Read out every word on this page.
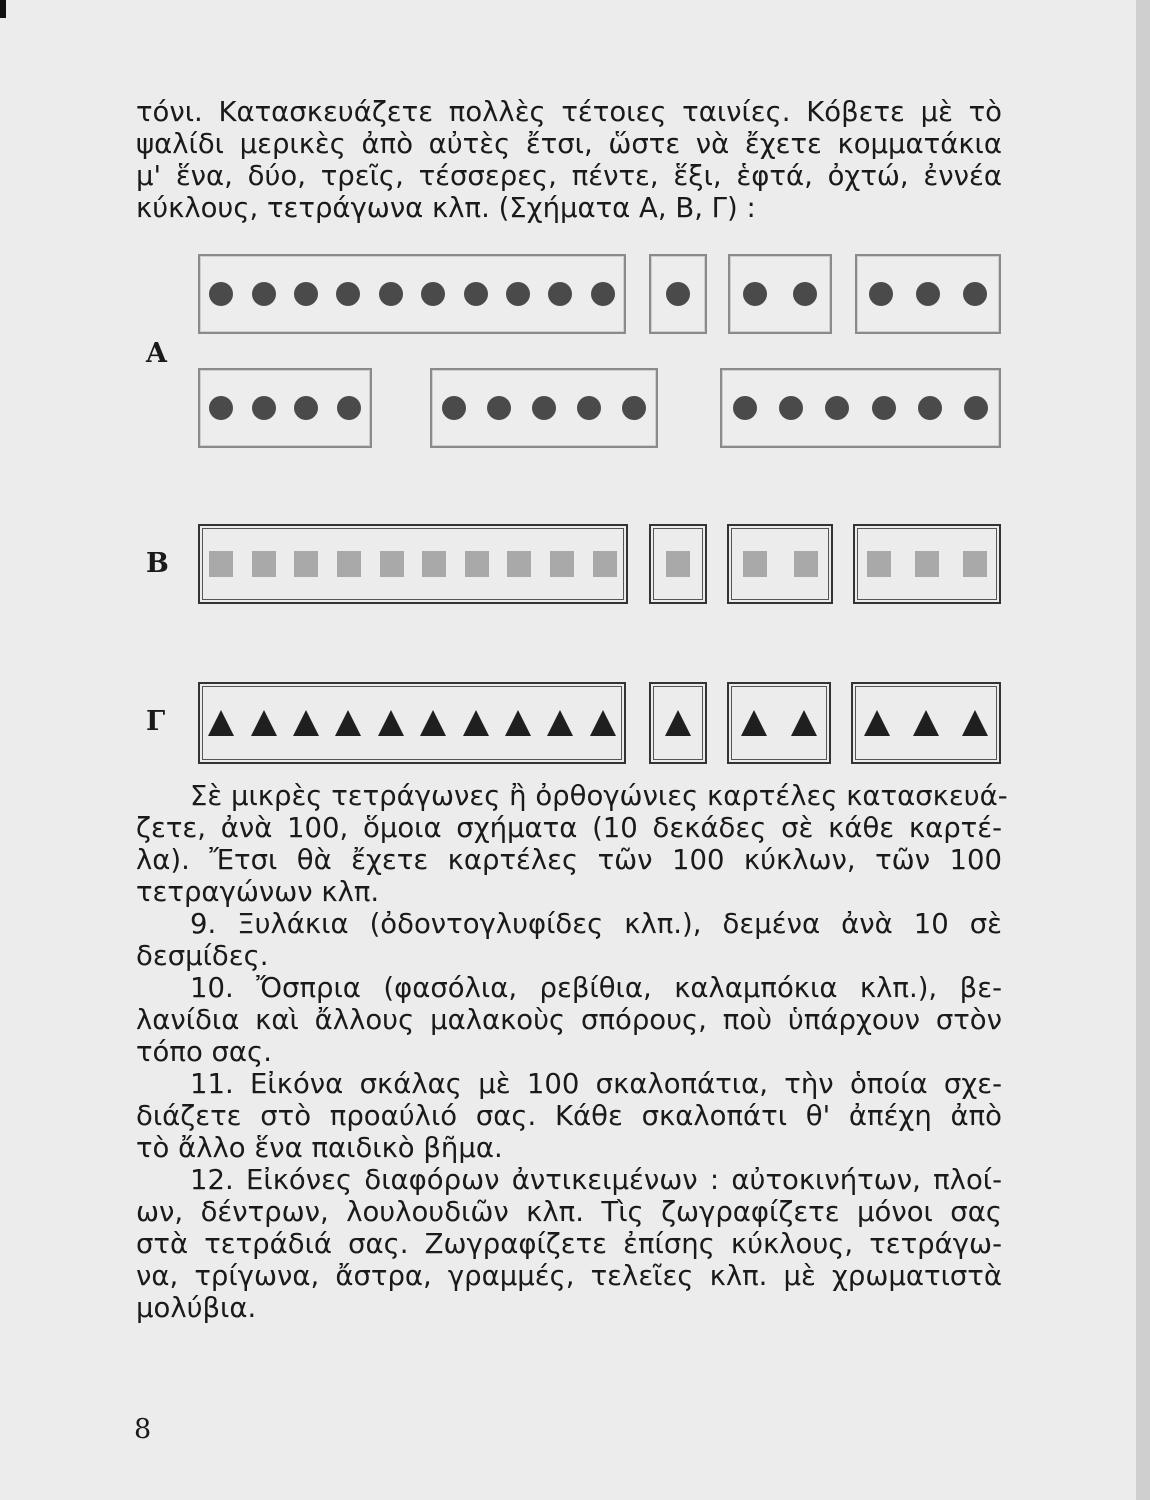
τόνι. Κατασκευάζετε πολλὲς τέτοιες ταινίες. Κόβετε μὲ τὸ
ψαλίδι μερικὲς ἀπὸ αὐτὲς ἔτσι, ὥστε νὰ ἔχετε κομματάκια
μ' ἕνα, δύο, τρεῖς, τέσσερες, πέντε, ἕξι, ἑφτά, ὀχτώ, ἐννέα
κύκλους, τετράγωνα κλπ. (Σχήματα Α, Β, Γ) :
Α
Β
Γ
Σὲ μικρὲς τετράγωνες ἢ ὀρθογώνιες καρτέλες κατασκευά-
ζετε, ἀνὰ 100, ὅμοια σχήματα (10 δεκάδες σὲ κάθε καρτέ-
λα). Ἔτσι θὰ ἔχετε καρτέλες τῶν 100 κύκλων, τῶν 100
τετραγώνων κλπ.
9. Ξυλάκια (ὀδοντογλυφίδες κλπ.), δεμένα ἀνὰ 10 σὲ
δεσμίδες.
10. Ὄσπρια (φασόλια, ρεβίθια, καλαμπόκια κλπ.), βε-
λανίδια καὶ ἄλλους μαλακοὺς σπόρους, ποὺ ὑπάρχουν στὸν
τόπο σας.
11. Εἰκόνα σκάλας μὲ 100 σκαλοπάτια, τὴν ὁποία σχε-
διάζετε στὸ προαύλιό σας. Κάθε σκαλοπάτι θ' ἀπέχη ἀπὸ
τὸ ἄλλο ἕνα παιδικὸ βῆμα.
12. Εἰκόνες διαφόρων ἀντικειμένων : αὐτοκινήτων, πλοί-
ων, δέντρων, λουλουδιῶν κλπ. Τὶς ζωγραφίζετε μόνοι σας
στὰ τετράδιά σας. Ζωγραφίζετε ἐπίσης κύκλους, τετράγω-
να, τρίγωνα, ἄστρα, γραμμές, τελεῖες κλπ. μὲ χρωματιστὰ
μολύβια.
8
